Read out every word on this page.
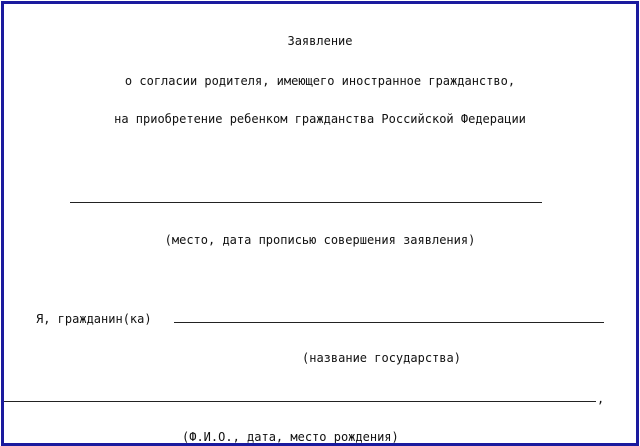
Заявление
о согласии родителя, имеющего иностранное гражданство,
на приобретение ребенком гражданства Российской Федерации
(место, дата прописью совершения заявления)
Я, гражданин(ка)
(название государства)
,
(Ф.И.О., дата, место рождения)
